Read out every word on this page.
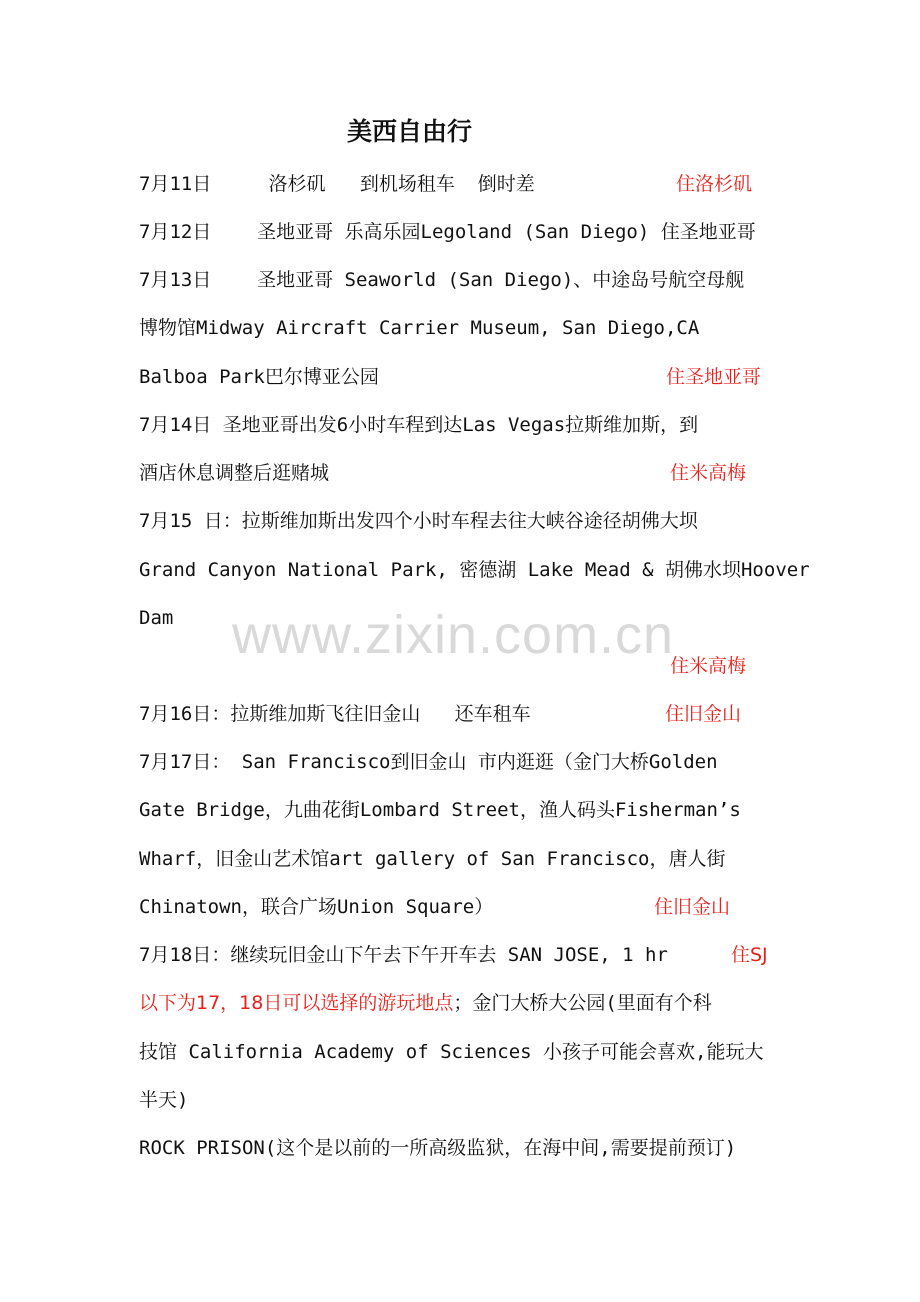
美西自由行

7月11日     洛杉矶   到机场租车  倒时差	住洛杉矶

7月12日    圣地亚哥 乐高乐园Legoland (San Diego) 住圣地亚哥

7月13日    圣地亚哥 Seaworld (San Diego)、中途岛号航空母舰

博物馆Midway Aircraft Carrier Museum, San Diego,CA

Balboa Park巴尔博亚公园	住圣地亚哥

7月14日 圣地亚哥出发6小时车程到达Las Vegas拉斯维加斯，到

酒店休息调整后逛赌城	住米高梅

7月15 日：拉斯维加斯出发四个小时车程去往大峡谷途径胡佛大坝

Grand Canyon National Park, 密德湖 Lake Mead & 胡佛水坝Hoover

Dam

住米高梅

7月16日：拉斯维加斯飞往旧金山   还车租车	住旧金山

7月17日： San Francisco到旧金山 市内逛逛（金门大桥Golden

Gate Bridge，九曲花街Lombard Street，渔人码头Fisherman’s

Wharf，旧金山艺术馆art gallery of San Francisco，唐人街

Chinatown，联合广场Union Square）	住旧金山

7月18日：继续玩旧金山下午去下午开车去 SAN JOSE, 1 hr	住SJ

以下为17，18日可以选择的游玩地点；金门大桥大公园(里面有个科

技馆 California Academy of Sciences 小孩子可能会喜欢,能玩大

半天)

ROCK PRISON(这个是以前的一所高级监狱，在海中间,需要提前预订)

www.zixin.com.cn
